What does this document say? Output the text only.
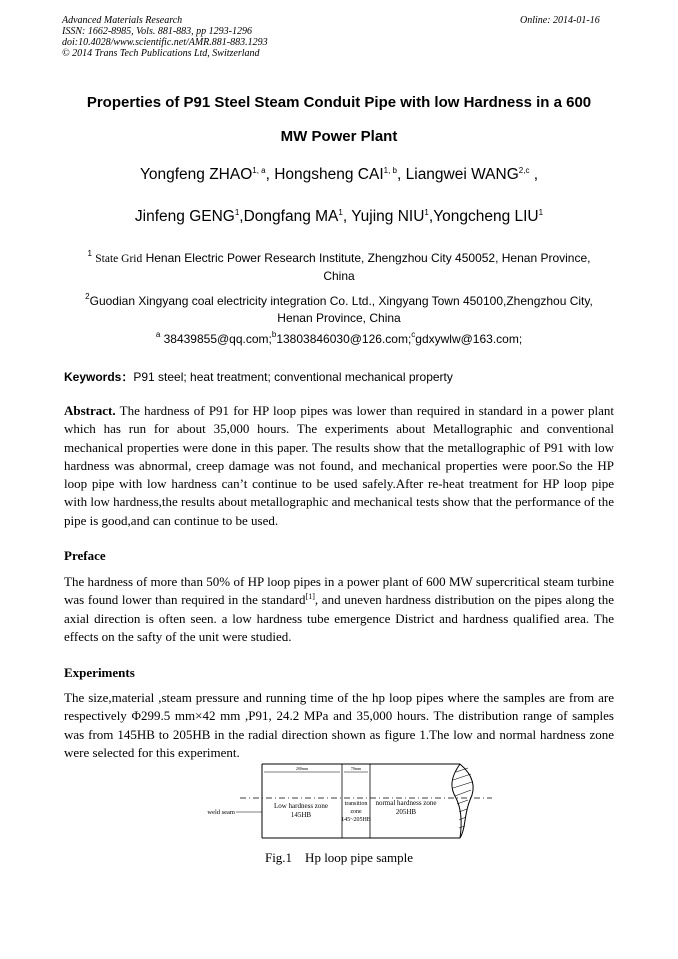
Advanced Materials Research
ISSN: 1662-8985, Vols. 881-883, pp 1293-1296
doi:10.4028/www.scientific.net/AMR.881-883.1293
© 2014 Trans Tech Publications Ltd, Switzerland
Online: 2014-01-16
Properties of P91 Steel Steam Conduit Pipe with low Hardness in a 600
MW Power Plant
Yongfeng ZHAO$^{1, a}$, Hongsheng CAI$^{1, b}$, Liangwei WANG$^{2,c}$ ,
Jinfeng GENG$^1$,Dongfang $MA^1$, Yujing NIU$^1$,Yongcheng LIU$^1$
$^1$ State Grid Henan Electric Power Research Institute, Zhengzhou City 450052, Henan Province,
China
$^2$Guodian Xingyang coal electricity integration Co. Ltd., Xingyang Town 450100,Zhengzhou City,
Henan Province, China
$^a$ 38439855@qq.com;$^b$13803846030@126.com;$^c$gdxywlw@163.com;
Keywords：P91 steel; heat treatment; conventional mechanical property
Abstract. The hardness of P91 for HP loop pipes was lower than required in standard in a power plant which has run for about 35,000 hours. The experiments about Metallographic and conventional mechanical properties were done in this paper. The results show that the metallographic of P91 with low hardness was abnormal, creep damage was not found, and mechanical properties were poor.So the HP loop pipe with low hardness can’t continue to be used safely.After re-heat treatment for HP loop pipe with low hardness,the results about metallographic and mechanical tests show that the performance of the pipe is good,and can continue to be used.
Preface
The hardness of more than 50% of HP loop pipes in a power plant of 600 MW supercritical steam turbine was found lower than required in the standard[1], and uneven hardness distribution on the pipes along the axial direction is often seen. a low hardness tube emergence District and hardness qualified area. The effects on the safty of the unit were studied.
Experiments
The size,material ,steam pressure and running time of the hp loop pipes where the samples are from are respectively Φ299.5 mm×42 mm ,P91, 24.2 MPa and 35,000 hours. The distribution range of samples was from 145HB to 205HB in the radial direction shown as figure 1.The low and normal hardness zone were selected for this experiment.
200mm	70mm
weld seam
Low hardness zone
145HB
transition
zone
145~205HB
normal hardness zone
205HB
Fig.1    Hp loop pipe sample
